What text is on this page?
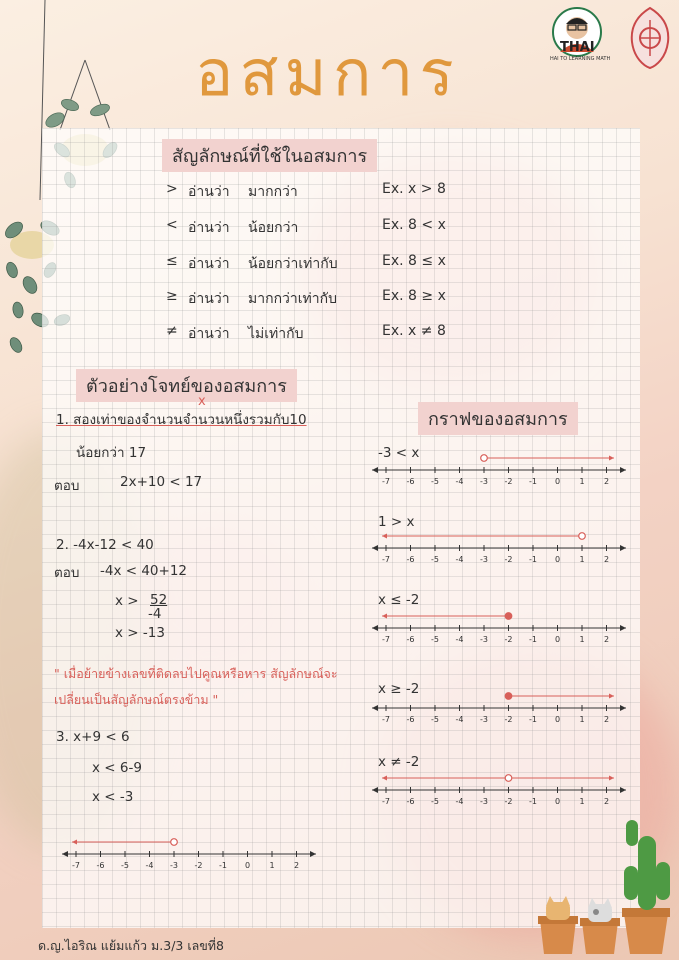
อสมการ	THAI
HAI TO LEARNING MATH
สัญลักษณ์ที่ใช้ในอสมการ
> อ่านว่า มากกว่า	Ex. x > 8
< อ่านว่า น้อยกว่า	Ex. 8 < x
≤ อ่านว่า น้อยกว่าเท่ากับ	Ex. 8 ≤ x
≥ อ่านว่า มากกว่าเท่ากับ	Ex. 8 ≥ x
≠ อ่านว่า ไม่เท่ากับ	Ex. x ≠ 8
ตัวอย่างโจทย์ของอสมการ
1. สองเท่าของจำนวนจำนวนหนึ่งรวมกับ10
x
น้อยกว่า 17
ตอบ	2x+10 < 17
2. -4x-12 < 40
ตอบ -4x < 40+12
x > 52
-4
x > -13
" เมื่อย้ายข้างเลขที่ติดลบไปคูณหรือหาร สัญลักษณ์จะ
เปลี่ยนเป็นสัญลักษณ์ตรงข้าม "
3. x+9 < 6
x < 6-9
x < -3
กราฟของอสมการ
-3 < x
-7 -6 -5 -4 -3 -2 -1 0 1 2
1 > x
-7 -6 -5 -4 -3 -2 -1 0 1 2
x ≤ -2
-7 -6 -5 -4 -3 -2 -1 0 1 2
x ≥ -2
-7 -6 -5 -4 -3 -2 -1 0 1 2
x ≠ -2
-7 -6 -5 -4 -3 -2 -1 0 1 2
-7 -6 -5 -4 -3 -2 -1 0 1 2
ด.ญ.ไอริณ แย้มแก้ว ม.3/3 เลขที่8
